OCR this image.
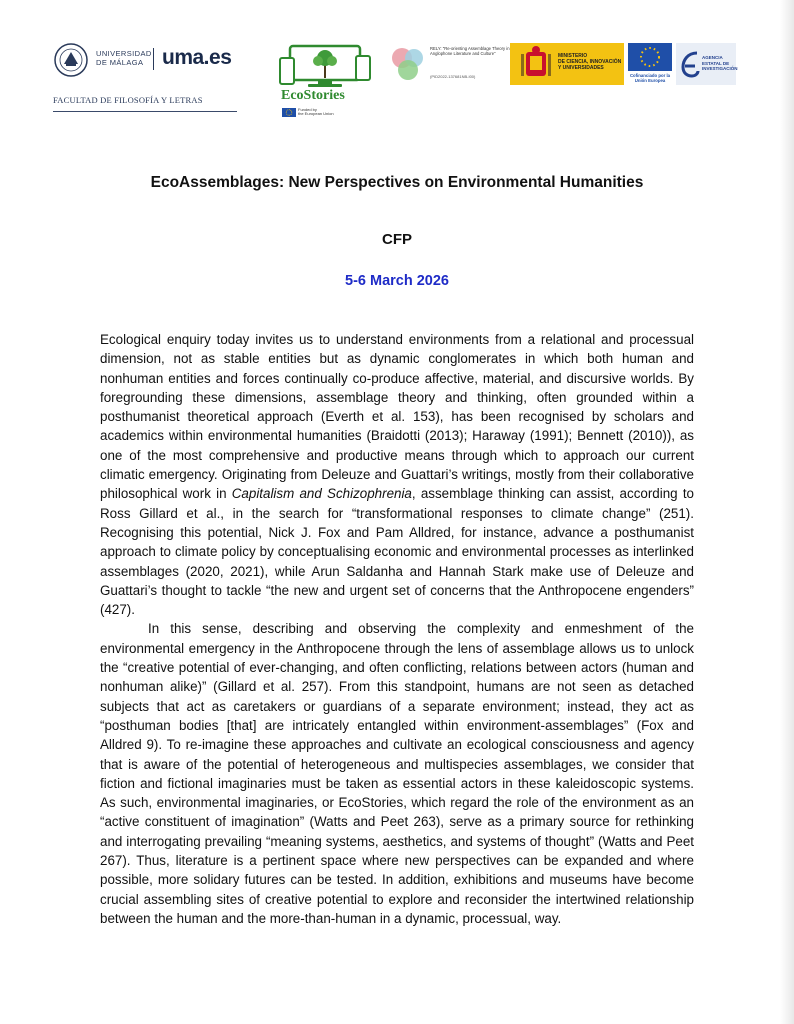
UNIVERSIDAD
DE MÁLAGA uma.es
FACULTAD DE FILOSOFÍA Y LETRAS	EcoStories
Funded by
the European Union
RELY: "Re-orienting Assemblage Theory in Anglophone Literature and Culture"
(PID2022-137681NB-I00)
MINISTERIO
DE CIENCIA, INNOVACIÓN
Y UNIVERSIDADES
Cofinanciado por la Unión Europea
AGENCIA ESTATAL DE INVESTIGACIÓN
EcoAssemblages: New Perspectives on Environmental Humanities
CFP
5-6 March 2026

Ecological enquiry today invites us to understand environments from a relational and processual dimension, not as stable entities but as dynamic conglomerates in which both human and nonhuman entities and forces continually co-produce affective, material, and discursive worlds. By foregrounding these dimensions, assemblage theory and thinking, often grounded within a posthumanist theoretical approach (Everth et al. 153), has been recognised by scholars and academics within environmental humanities (Braidotti (2013); Haraway (1991); Bennett (2010)), as one of the most comprehensive and productive means through which to approach our current climatic emergency. Originating from Deleuze and Guattari’s writings, mostly from their collaborative philosophical work in Capitalism and Schizophrenia, assemblage thinking can assist, according to Ross Gillard et al., in the search for “transformational responses to climate change” (251). Recognising this potential, Nick J. Fox and Pam Alldred, for instance, advance a posthumanist approach to climate policy by conceptualising economic and environmental processes as interlinked assemblages (2020, 2021), while Arun Saldanha and Hannah Stark make use of Deleuze and Guattari’s thought to tackle “the new and urgent set of concerns that the Anthropocene engenders” (427).

In this sense, describing and observing the complexity and enmeshment of the environmental emergency in the Anthropocene through the lens of assemblage allows us to unlock the “creative potential of ever-changing, and often conflicting, relations between actors (human and nonhuman alike)” (Gillard et al. 257). From this standpoint, humans are not seen as detached subjects that act as caretakers or guardians of a separate environment; instead, they act as “posthuman bodies [that] are intricately entangled within environment-assemblages” (Fox and Alldred 9). To re-imagine these approaches and cultivate an ecological consciousness and agency that is aware of the potential of heterogeneous and multispecies assemblages, we consider that fiction and fictional imaginaries must be taken as essential actors in these kaleidoscopic systems. As such, environmental imaginaries, or EcoStories, which regard the role of the environment as an “active constituent of imagination” (Watts and Peet 263), serve as a primary source for rethinking and interrogating prevailing “meaning systems, aesthetics, and systems of thought” (Watts and Peet 267). Thus, literature is a pertinent space where new perspectives can be expanded and where possible, more solidary futures can be tested. In addition, exhibitions and museums have become crucial assembling sites of creative potential to explore and reconsider the intertwined relationship between the human and the more-than-human in a dynamic, processual, way.
